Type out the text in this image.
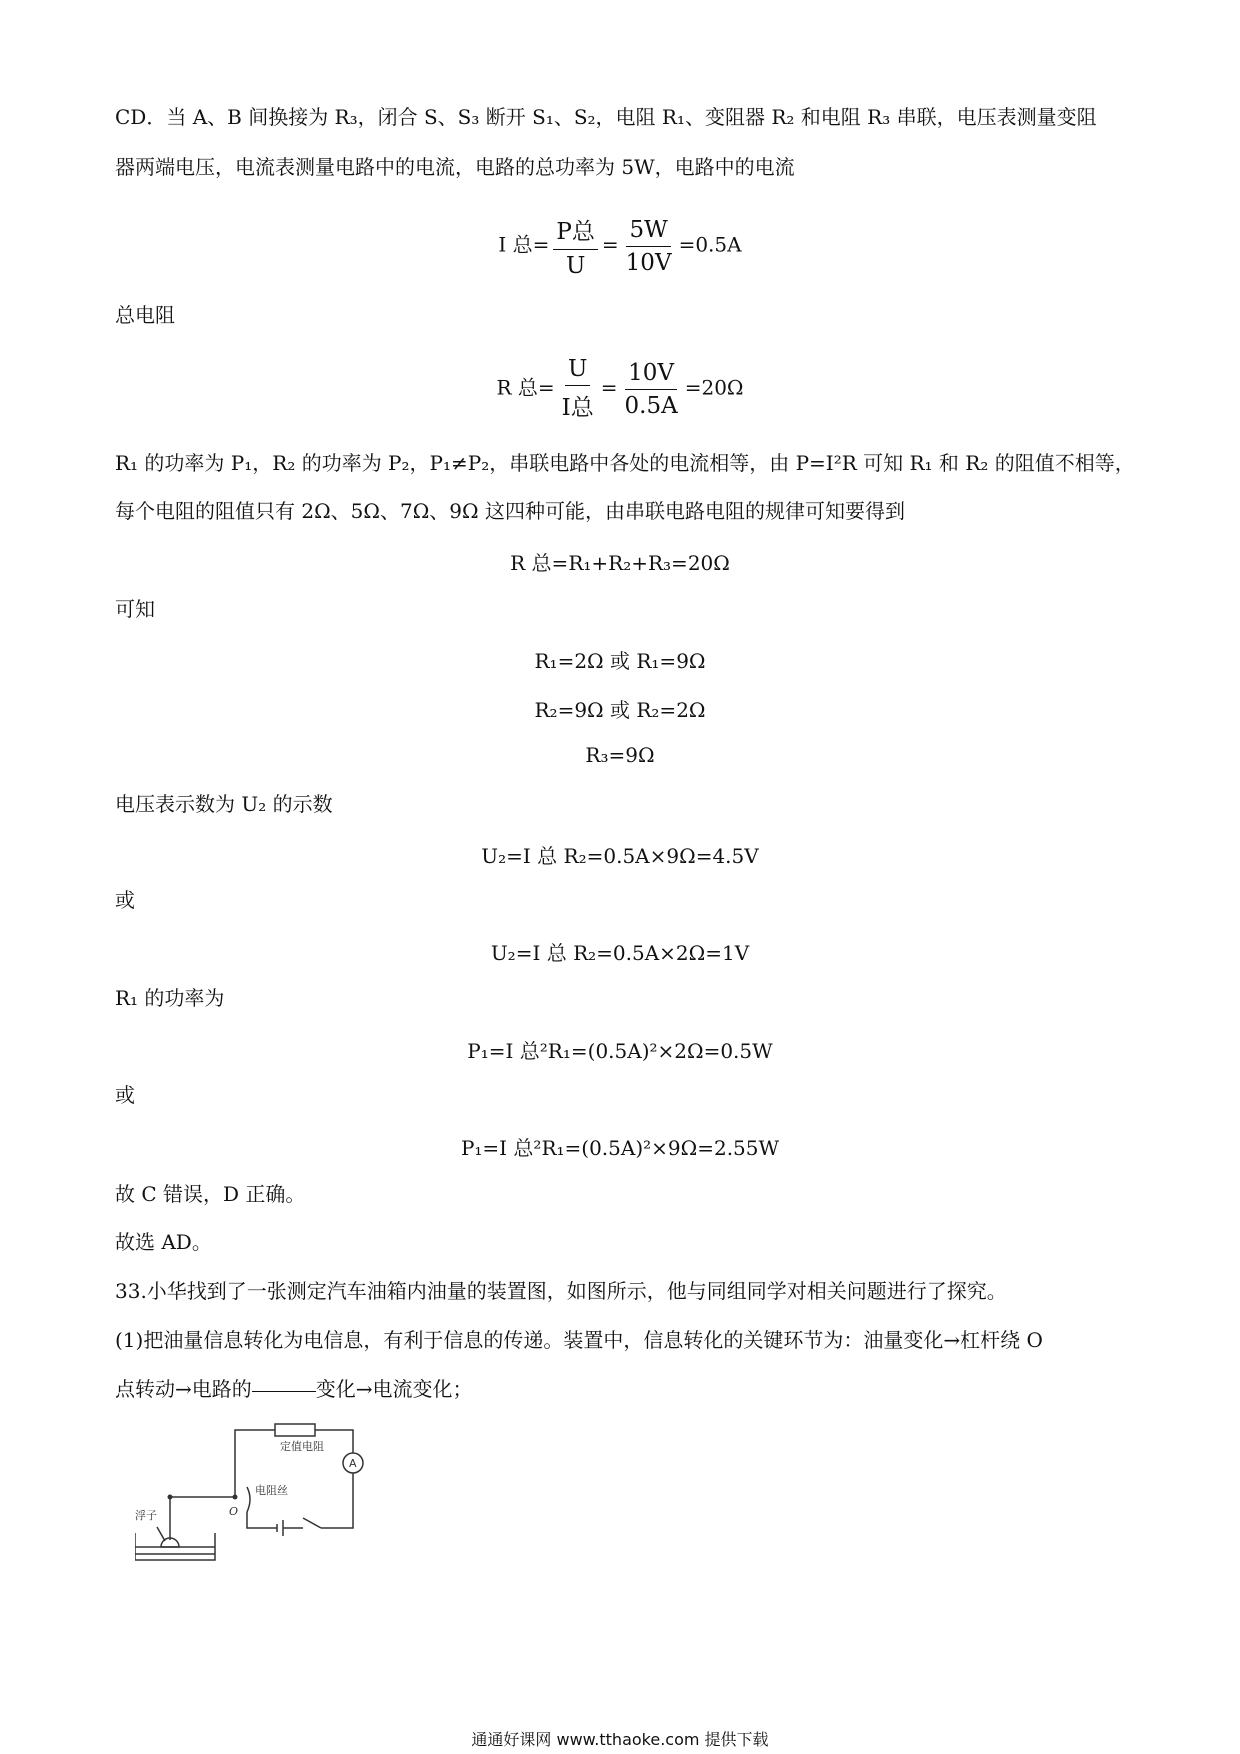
CD．当 A、B 间换接为 R₃，闭合 S、S₃ 断开 S₁、S₂，电阻 R₁、变阻器 R₂ 和电阻 R₃ 串联，电压表测量变阻
器两端电压，电流表测量电路中的电流，电路的总功率为 5W，电路中的电流
I 总= $\frac{\text{P总}}{U} = \frac{5W}{10V} =0.5A$
总电阻
R 总= $\frac{U}{\text{I总}} = \frac{10V}{0.5A} =20\Omega$
R₁ 的功率为 P₁，R₂ 的功率为 P₂，P₁≠P₂，串联电路中各处的电流相等，由 P=I²R 可知 R₁ 和 R₂ 的阻值不相等，
每个电阻的阻值只有 2Ω、5Ω、7Ω、9Ω 这四种可能，由串联电路电阻的规律可知要得到
R 总=R₁+R₂+R₃=20Ω
可知
R₁=2Ω 或 R₁=9Ω
R₂=9Ω 或 R₂=2Ω
R₃=9Ω
电压表示数为 U₂ 的示数
U₂=I 总 R₂=0.5A×9Ω=4.5V
或
U₂=I 总 R₂=0.5A×2Ω=1V
R₁ 的功率为
P₁=I 总²R₁=(0.5A)²×2Ω=0.5W
或
P₁=I 总²R₁=(0.5A)²×9Ω=2.55W
故 C 错误，D 正确。
故选 AD。
33.小华找到了一张测定汽车油箱内油量的装置图，如图所示，他与同组同学对相关问题进行了探究。
(1)把油量信息转化为电信息，有利于信息的传递。装置中，信息转化的关键环节为：油量变化→杠杆绕 O
点转动→电路的	变化→电流变化；
定值电阻
A
电阻丝
浮子	O
通通好课网 www.tthaoke.com 提供下载
